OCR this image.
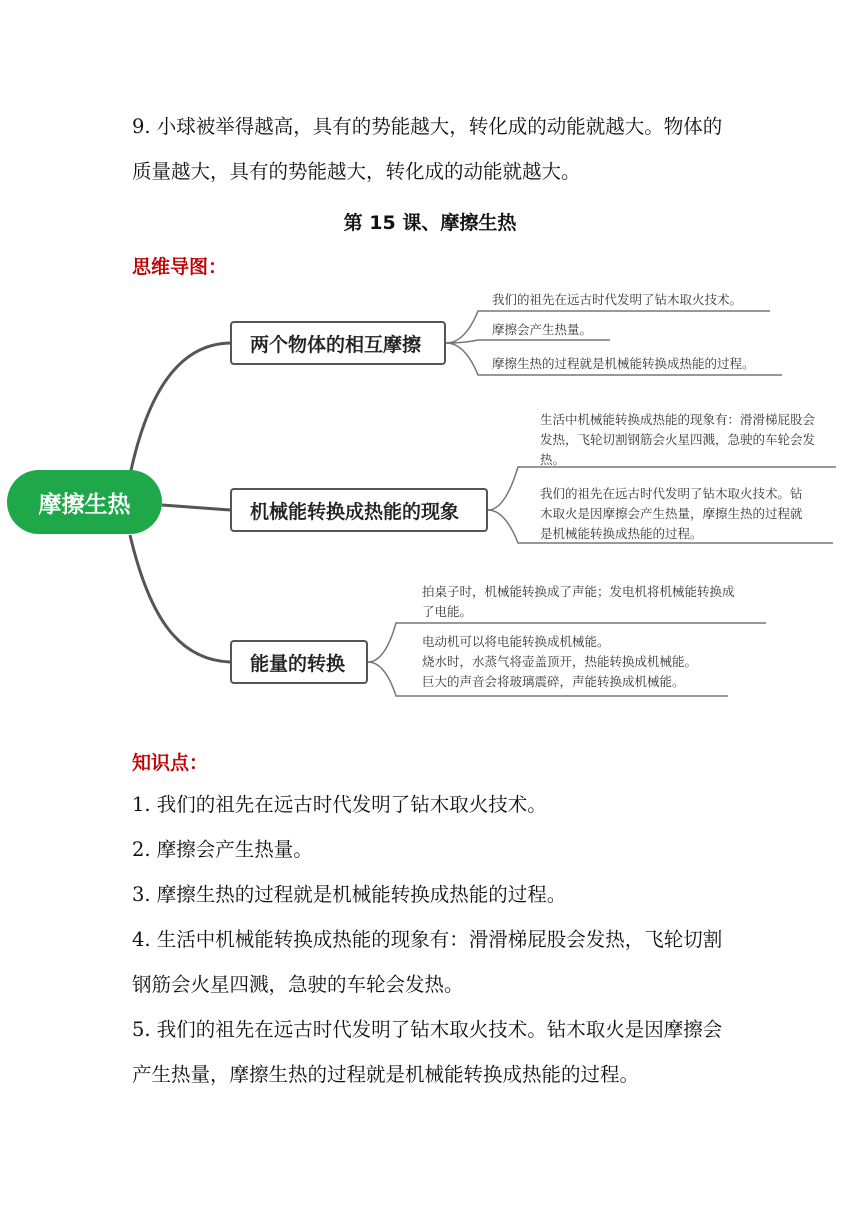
9. 小球被举得越高，具有的势能越大，转化成的动能就越大。物体的
质量越大，具有的势能越大，转化成的动能就越大。
第 15 课、摩擦生热
思维导图：
摩擦生热
两个物体的相互摩擦
我们的祖先在远古时代发明了钻木取火技术。
摩擦会产生热量。
摩擦生热的过程就是机械能转换成热能的过程。
机械能转换成热能的现象
生活中机械能转换成热能的现象有：滑滑梯屁股会
发热，飞轮切割钢筋会火星四溅，急驶的车轮会发
热。
我们的祖先在远古时代发明了钻木取火技术。钻
木取火是因摩擦会产生热量，摩擦生热的过程就
是机械能转换成热能的过程。
能量的转换
拍桌子时，机械能转换成了声能；发电机将机械能转换成
了电能。
电动机可以将电能转换成机械能。
烧水时，水蒸气将壶盖顶开，热能转换成机械能。
巨大的声音会将玻璃震碎，声能转换成机械能。
知识点：
1. 我们的祖先在远古时代发明了钻木取火技术。
2. 摩擦会产生热量。
3. 摩擦生热的过程就是机械能转换成热能的过程。
4. 生活中机械能转换成热能的现象有：滑滑梯屁股会发热，飞轮切割
钢筋会火星四溅，急驶的车轮会发热。
5. 我们的祖先在远古时代发明了钻木取火技术。钻木取火是因摩擦会
产生热量，摩擦生热的过程就是机械能转换成热能的过程。
